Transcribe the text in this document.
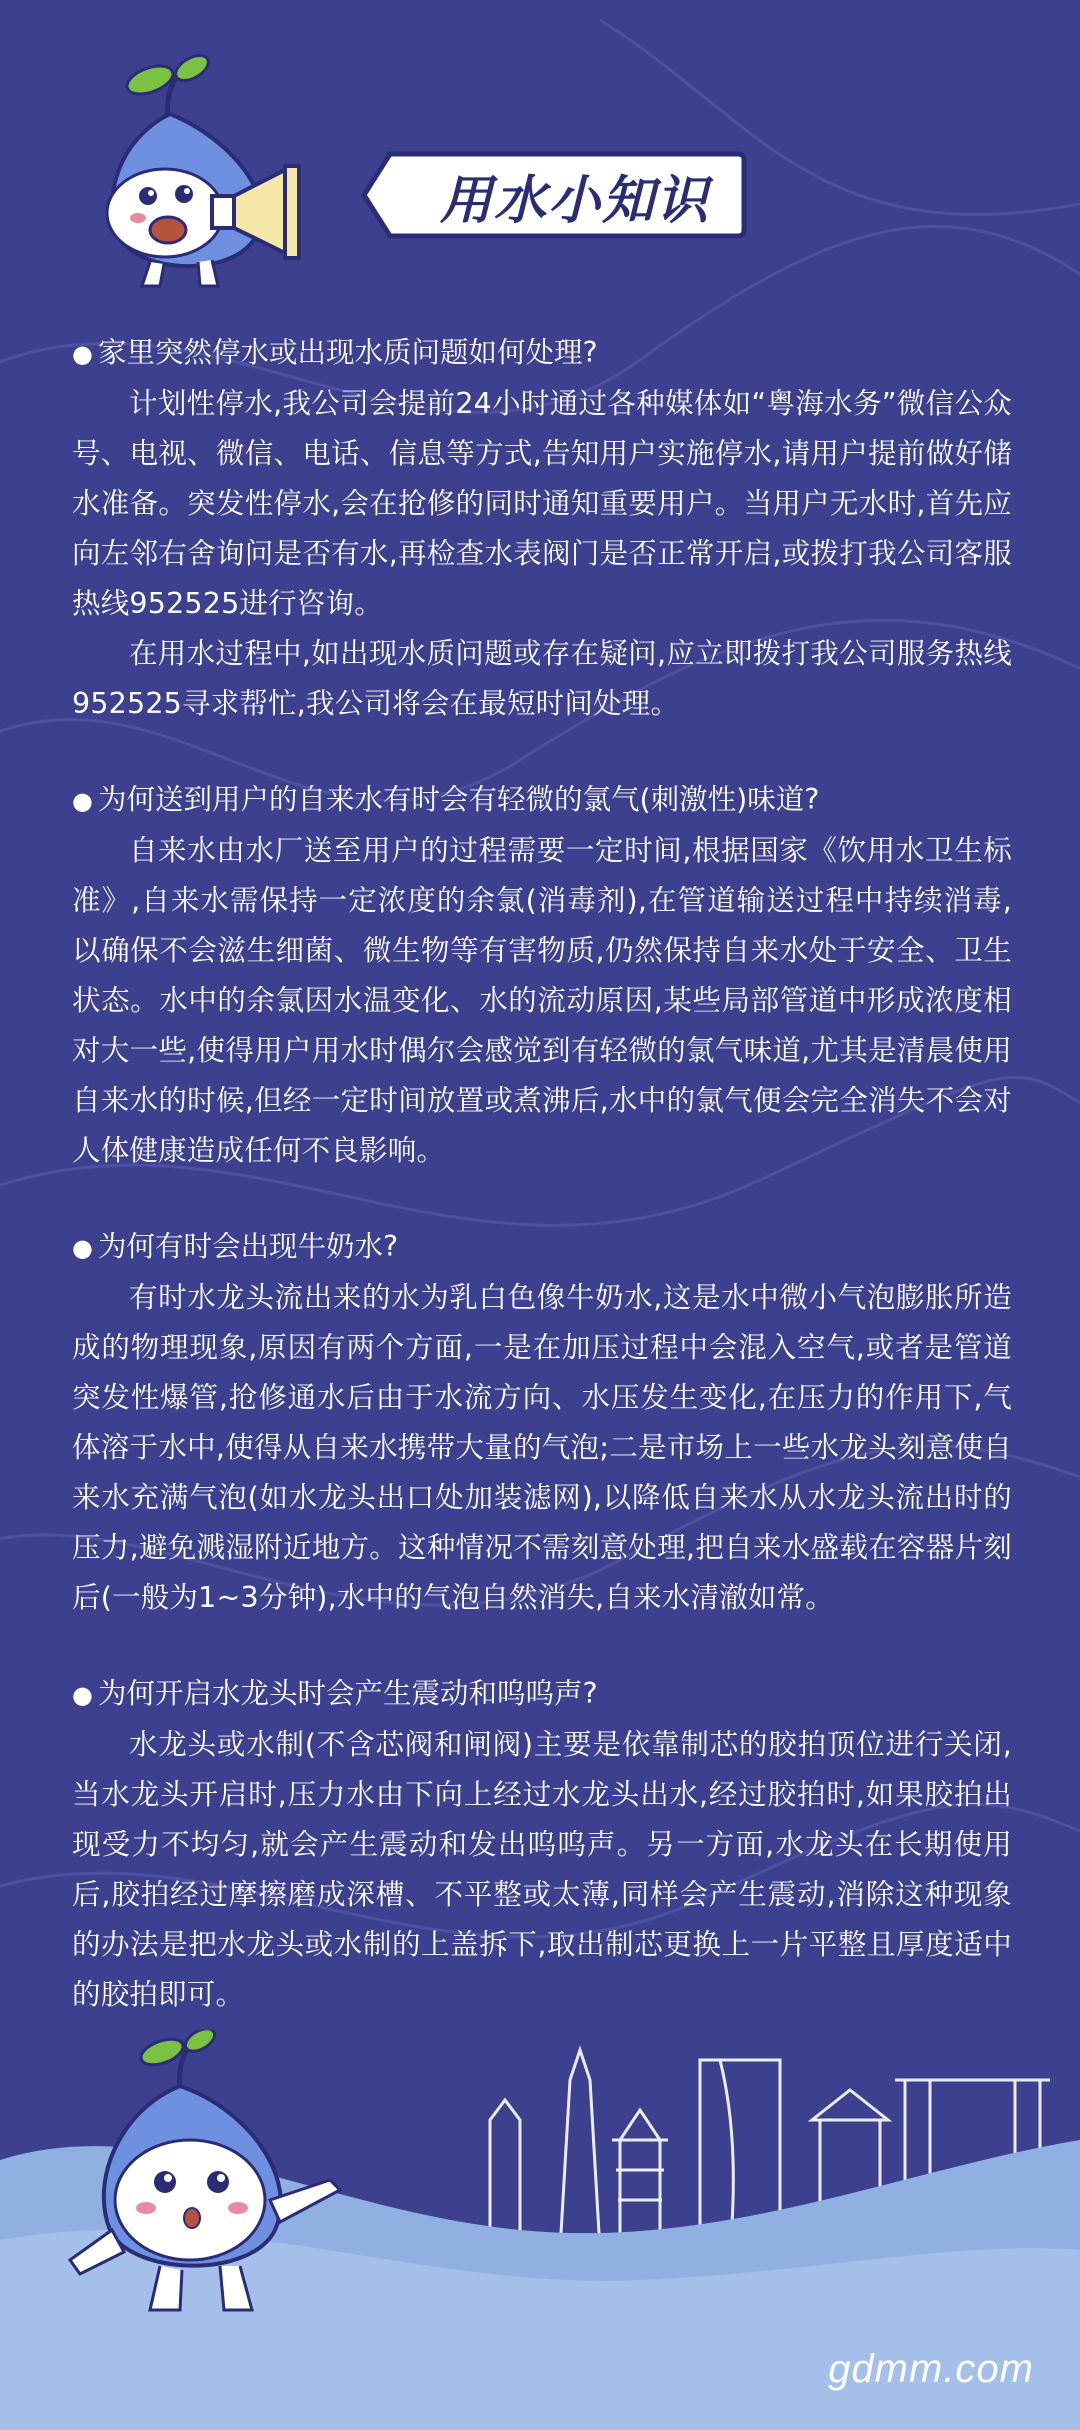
用水小知识
● 家里突然停水或出现水质问题如何处理?

计划性停水,我公司会提前24小时通过各种媒体如“粤海水务”微信公众号、电视、微信、电话、信息等方式,告知用户实施停水,请用户提前做好储水准备。突发性停水,会在抢修的同时通知重要用户。当用户无水时,首先应向左邻右舍询问是否有水,再检查水表阀门是否正常开启,或拨打我公司客服热线952525进行咨询。

在用水过程中,如出现水质问题或存在疑问,应立即拨打我公司服务热线952525寻求帮忙,我公司将会在最短时间处理。

● 为何送到用户的自来水有时会有轻微的氯气(刺激性)味道?

自来水由水厂送至用户的过程需要一定时间,根据国家《饮用水卫生标准》,自来水需保持一定浓度的余氯(消毒剂),在管道输送过程中持续消毒,以确保不会滋生细菌、微生物等有害物质,仍然保持自来水处于安全、卫生状态。水中的余氯因水温变化、水的流动原因,某些局部管道中形成浓度相对大一些,使得用户用水时偶尔会感觉到有轻微的氯气味道,尤其是清晨使用自来水的时候,但经一定时间放置或煮沸后,水中的氯气便会完全消失不会对人体健康造成任何不良影响。

● 为何有时会出现牛奶水?

有时水龙头流出来的水为乳白色像牛奶水,这是水中微小气泡膨胀所造成的物理现象,原因有两个方面,一是在加压过程中会混入空气,或者是管道突发性爆管,抢修通水后由于水流方向、水压发生变化,在压力的作用下,气体溶于水中,使得从自来水携带大量的气泡;二是市场上一些水龙头刻意使自来水充满气泡(如水龙头出口处加装滤网),以降低自来水从水龙头流出时的压力,避免溅湿附近地方。这种情况不需刻意处理,把自来水盛载在容器片刻后(一般为1~3分钟),水中的气泡自然消失,自来水清澈如常。

● 为何开启水龙头时会产生震动和呜呜声?

水龙头或水制(不含芯阀和闸阀)主要是依靠制芯的胶拍顶位进行关闭,当水龙头开启时,压力水由下向上经过水龙头出水,经过胶拍时,如果胶拍出现受力不均匀,就会产生震动和发出呜呜声。另一方面,水龙头在长期使用后,胶拍经过摩擦磨成深槽、不平整或太薄,同样会产生震动,消除这种现象的办法是把水龙头或水制的上盖拆下,取出制芯更换上一片平整且厚度适中的胶拍即可。

gdmm.com
